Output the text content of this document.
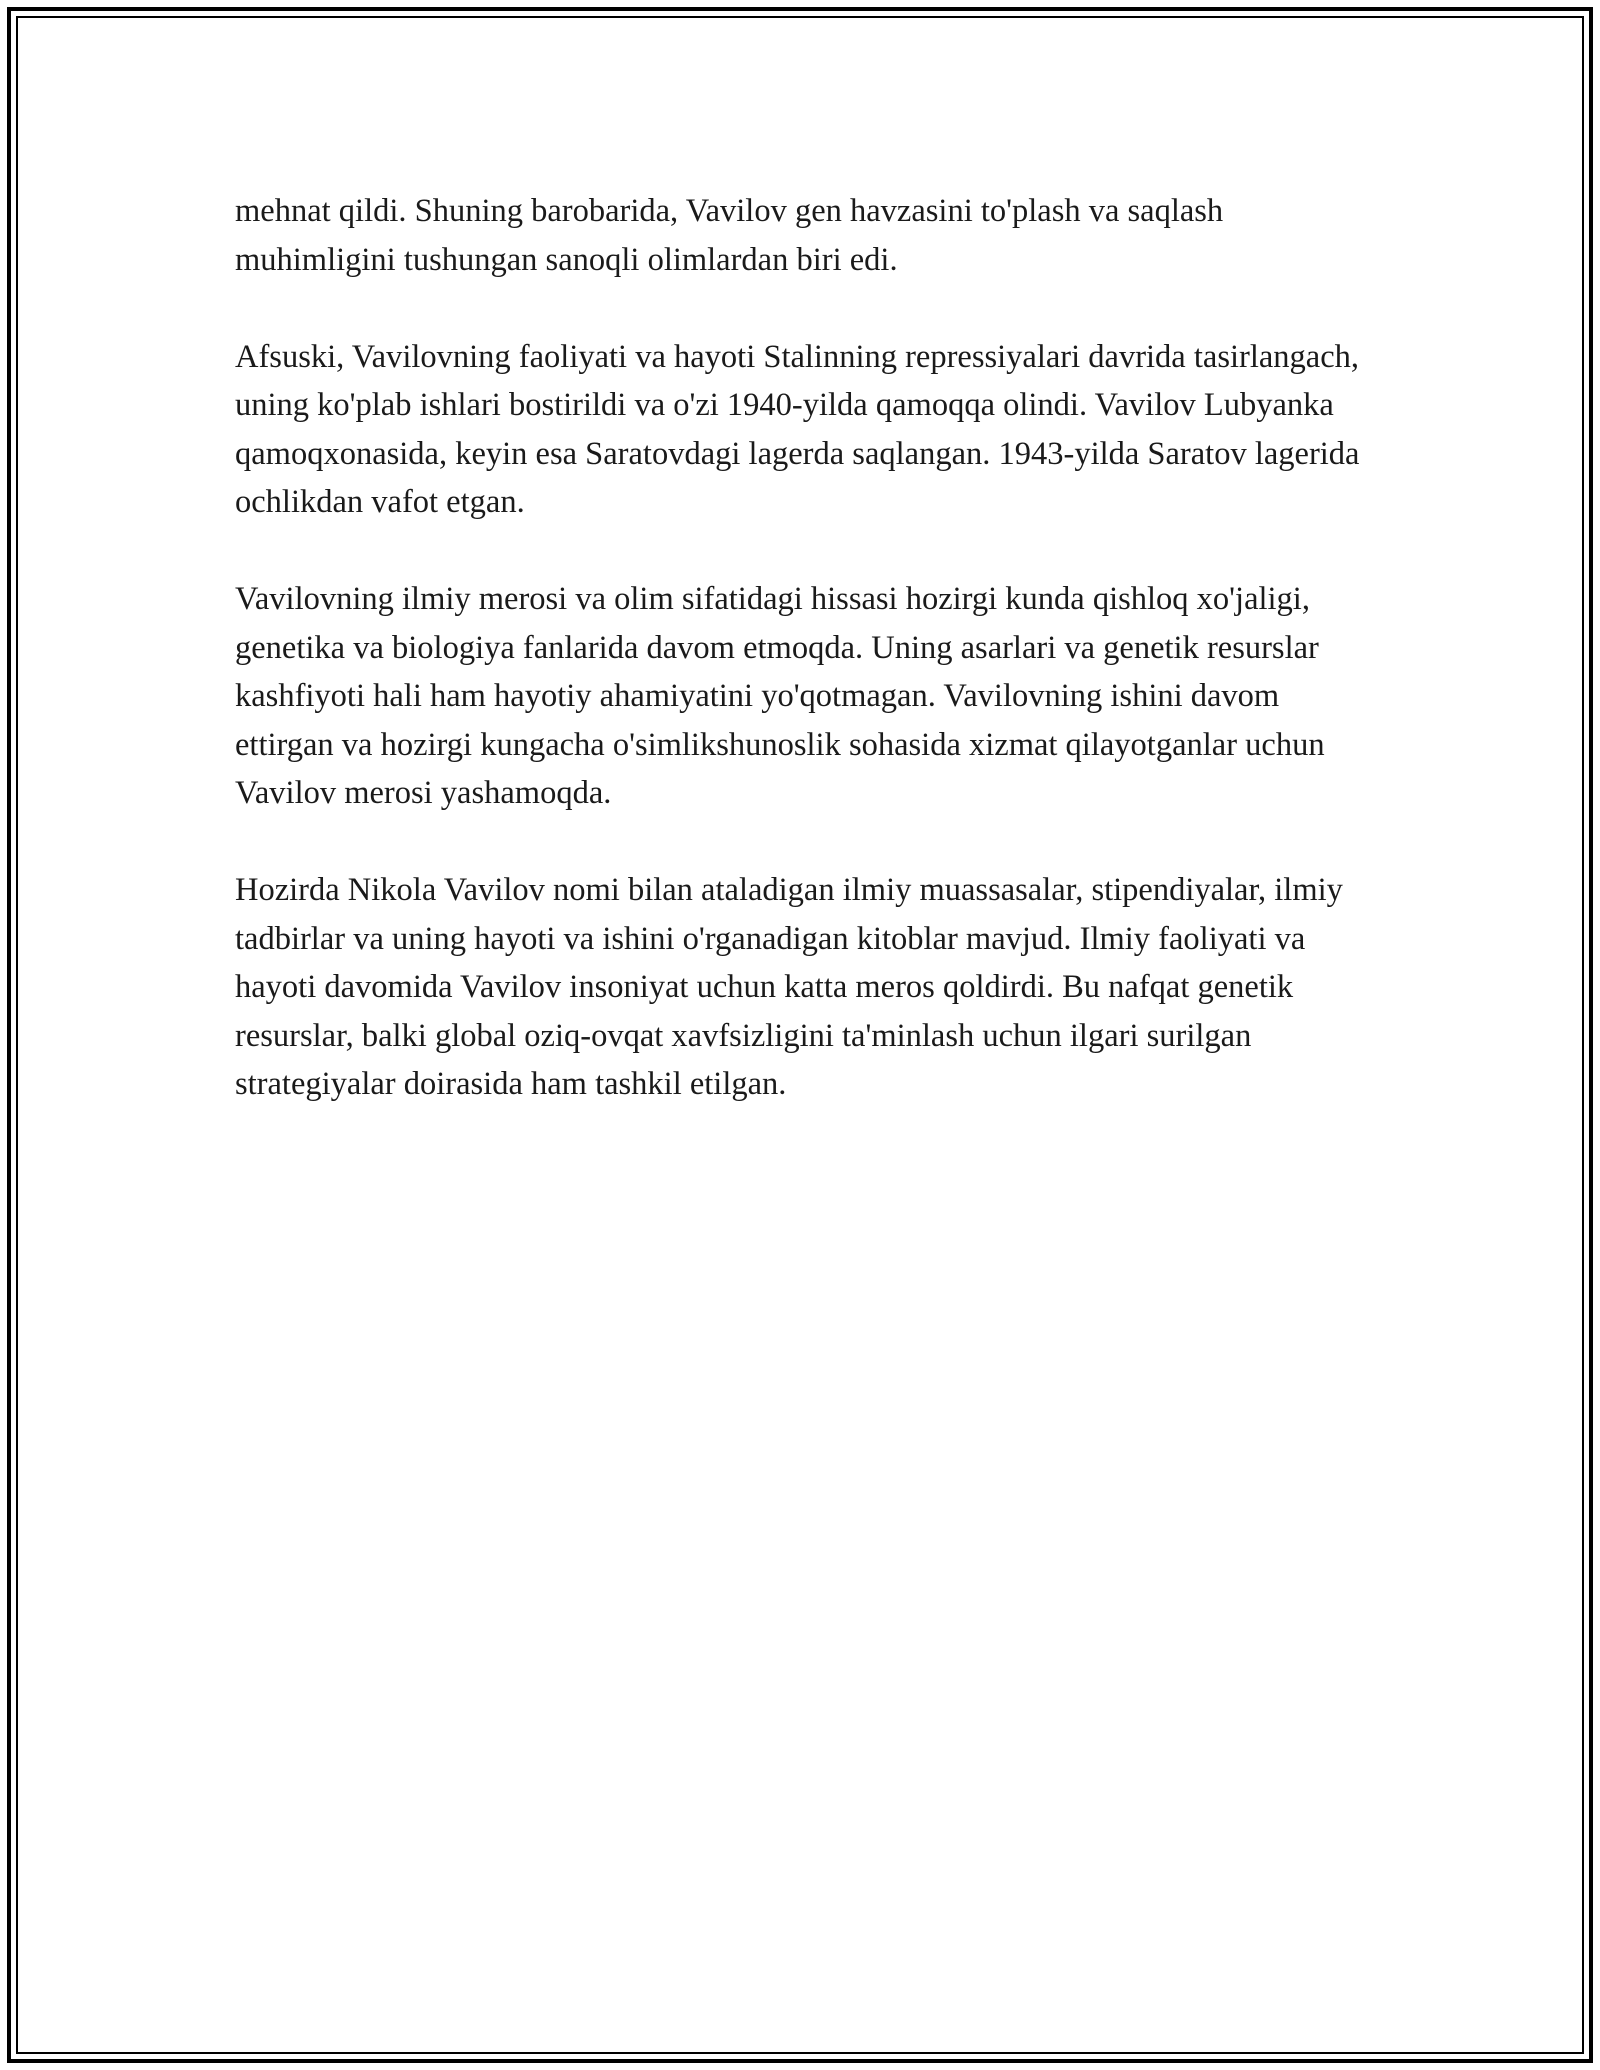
mehnat qildi. Shuning barobarida, Vavilov gen havzasini to'plash va saqlash muhimligini tushungan sanoqli olimlardan biri edi.

Afsuski, Vavilovning faoliyati va hayoti Stalinning repressiyalari davrida tasirlangach, uning ko'plab ishlari bostirildi va o'zi 1940-yilda qamoqqa olindi. Vavilov Lubyanka qamoqxonasida, keyin esa Saratovdagi lagerda saqlangan. 1943-yilda Saratov lagerida ochlikdan vafot etgan.

Vavilovning ilmiy merosi va olim sifatidagi hissasi hozirgi kunda qishloq xo'jaligi, genetika va biologiya fanlarida davom etmoqda. Uning asarlari va genetik resurslar kashfiyoti hali ham hayotiy ahamiyatini yo'qotmagan. Vavilovning ishini davom ettirgan va hozirgi kungacha o'simlikshunoslik sohasida xizmat qilayotganlar uchun Vavilov merosi yashamoqda.

Hozirda Nikola Vavilov nomi bilan ataladigan ilmiy muassasalar, stipendiyalar, ilmiy tadbirlar va uning hayoti va ishini o'rganadigan kitoblar mavjud. Ilmiy faoliyati va hayoti davomida Vavilov insoniyat uchun katta meros qoldirdi. Bu nafqat genetik resurslar, balki global oziq-ovqat xavfsizligini ta'minlash uchun ilgari surilgan strategiyalar doirasida ham tashkil etilgan.
